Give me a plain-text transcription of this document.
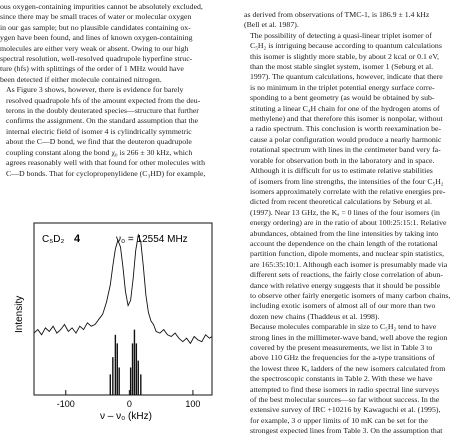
ous oxygen-containing impurities cannot be absolutely excluded,
since there may be small traces of water or molecular oxygen
in our gas sample; but no plausible candidates containing ox-
ygen have been found, and lines of known oxygen-containing
molecules are either very weak or absent. Owing to our high
spectral resolution, well-resolved quadrupole hyperfine struc-
ture (hfs) with splittings of the order of 1 MHz would have
been detected if either molecule contained nitrogen.

As Figure 3 shows, however, there is evidence for barely
resolved quadrupole hfs of the amount expected from the deu-
terons in the doubly deuterated species—structure that further
confirms the assignment. On the standard assumption that the
internal electric field of isomer 4 is cylindrically symmetric
about the C—D bond, we find that the deuteron quadrupole
coupling constant along the bond χ₀ is 266 ± 30 kHz, which
agrees reasonably well with that found for other molecules with
C—D bonds. That for cyclopropenylidene (C₃HD) for example,

as derived from observations of TMC-1, is 186.9 ± 1.4 kHz
(Bell et al. 1987).

The possibility of detecting a quasi-linear triplet isomer of
C₅H₂ is intriguing because according to quantum calculations
this isomer is slightly more stable, by about 2 kcal or 0.1 eV,
than the most stable singlet system, isomer 1 (Seburg et al.
1997). The quantum calculations, however, indicate that there
is no minimum in the triplet potential energy surface corre-
sponding to a bent geometry (as would be obtained by sub-
stituting a linear C₄H chain for one of the hydrogen atoms of
methylene) and that therefore this isomer is nonpolar, without
a radio spectrum. This conclusion is worth reexamination be-
cause a polar configuration would produce a nearly harmonic
rotational spectrum with lines in the centimeter band very fa-
vorable for observation both in the laboratory and in space.

Although it is difficult for us to estimate relative stabilities
of isomers from line strengths, the intensities of the four C₅H₂
isomers approximately correlate with the relative energies pre-
dicted from recent theoretical calculations by Seburg et al.
(1997). Near 13 GHz, the Kₐ = 0 lines of the four isomers (in
energy ordering) are in the ratio of about 100:25:15:1. Relative
abundances, obtained from the line intensities by taking into
account the dependence on the chain length of the rotational
partition function, dipole moments, and nuclear spin statistics,
are 165:35:10:1. Although each isomer is presumably made via
different sets of reactions, the fairly close correlation of abun-
dance with relative energy suggests that it should be possible
to observe other fairly energetic isomers of many carbon chains,
including exotic isomers of almost all of our more than two
dozen new chains (Thaddeus et al. 1998).

Because molecules comparable in size to C₅H₂ tend to have
strong lines in the millimeter-wave band, well above the region
covered by the present measurements, we list in Table 3 to
above 110 GHz the frequencies for the a-type transitions of
the lowest three Kₐ ladders of the new isomers calculated from
the spectroscopic constants in Table 2. With these we have
attempted to find these isomers in radio spectral line surveys
of the best molecular sources—so far without success. In the
extensive survey of IRC +10216 by Kawaguchi et al. (1995),
for example, 3 σ upper limits of 10 mK can be set for the
strongest expected lines from Table 3. On the assumption that

C₅D₂ 4	ν₀ = 12554 MHz
Intensity
ν – ν₀ (kHz)
-100	0	100
